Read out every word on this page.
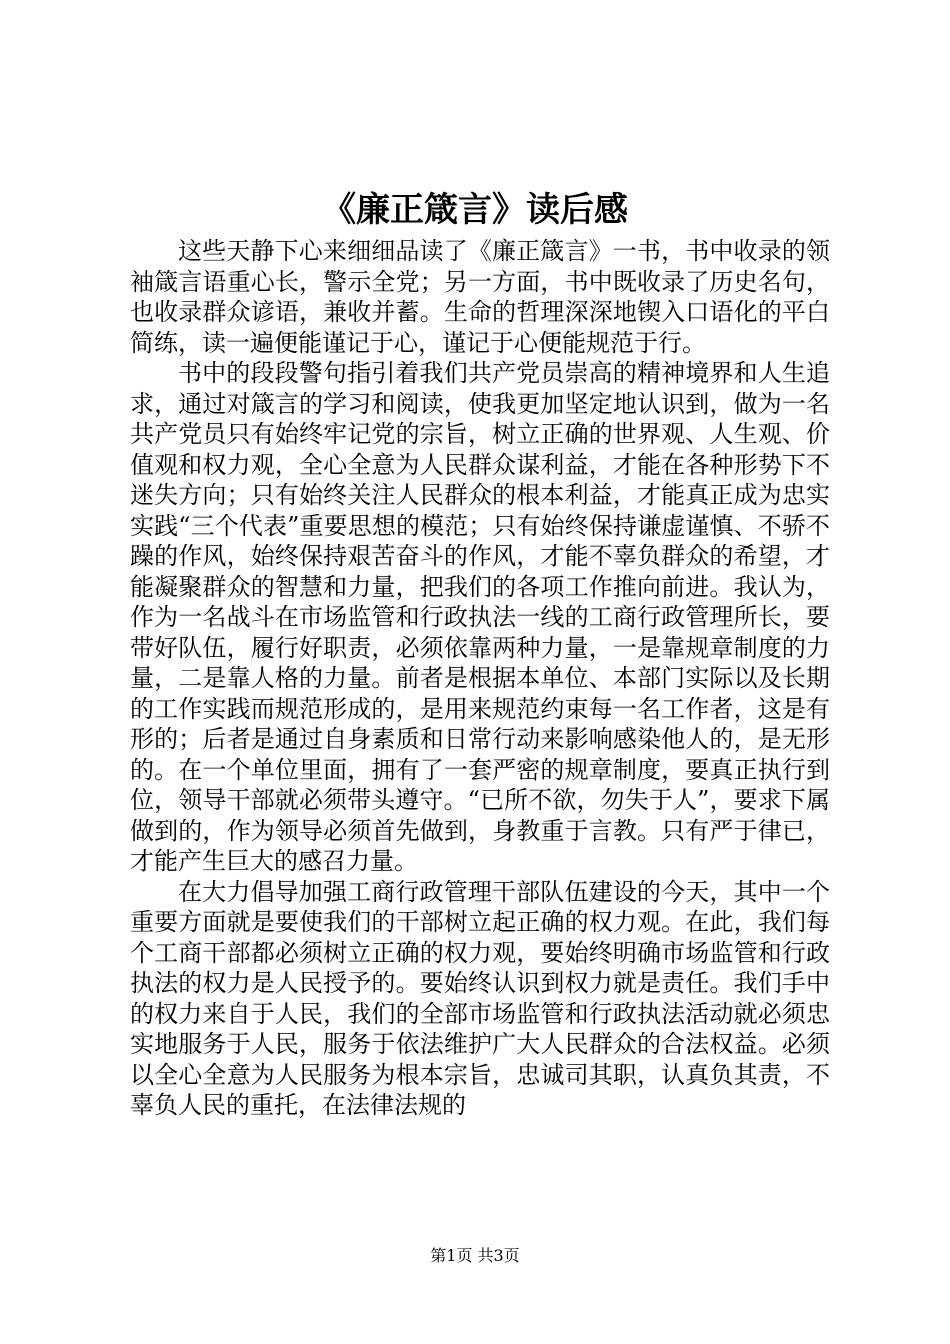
《廉正箴言》读后感

这些天静下心来细细品读了《廉正箴言》一书，书中收录的领袖箴言语重心长，警示全党；另一方面，书中既收录了历史名句，也收录群众谚语，兼收并蓄。生命的哲理深深地锲入口语化的平白简练，读一遍便能谨记于心，谨记于心便能规范于行。

书中的段段警句指引着我们共产党员崇高的精神境界和人生追求，通过对箴言的学习和阅读，使我更加坚定地认识到，做为一名共产党员只有始终牢记党的宗旨，树立正确的世界观、人生观、价值观和权力观，全心全意为人民群众谋利益，才能在各种形势下不迷失方向；只有始终关注人民群众的根本利益，才能真正成为忠实实践“三个代表”重要思想的模范；只有始终保持谦虚谨慎、不骄不躁的作风，始终保持艰苦奋斗的作风，才能不辜负群众的希望，才能凝聚群众的智慧和力量，把我们的各项工作推向前进。我认为，作为一名战斗在市场监管和行政执法一线的工商行政管理所长，要带好队伍，履行好职责，必须依靠两种力量，一是靠规章制度的力量，二是靠人格的力量。前者是根据本单位、本部门实际以及长期的工作实践而规范形成的，是用来规范约束每一名工作者，这是有形的；后者是通过自身素质和日常行动来影响感染他人的，是无形的。在一个单位里面，拥有了一套严密的规章制度，要真正执行到位，领导干部就必须带头遵守。“已所不欲，勿失于人”，要求下属做到的，作为领导必须首先做到，身教重于言教。只有严于律已，才能产生巨大的感召力量。

在大力倡导加强工商行政管理干部队伍建设的今天，其中一个重要方面就是要使我们的干部树立起正确的权力观。在此，我们每个工商干部都必须树立正确的权力观，要始终明确市场监管和行政执法的权力是人民授予的。要始终认识到权力就是责任。我们手中的权力来自于人民，我们的全部市场监管和行政执法活动就必须忠实地服务于人民，服务于依法维护广大人民群众的合法权益。必须以全心全意为人民服务为根本宗旨，忠诚司其职，认真负其责，不辜负人民的重托，在法律法规的

第1页 共3页
